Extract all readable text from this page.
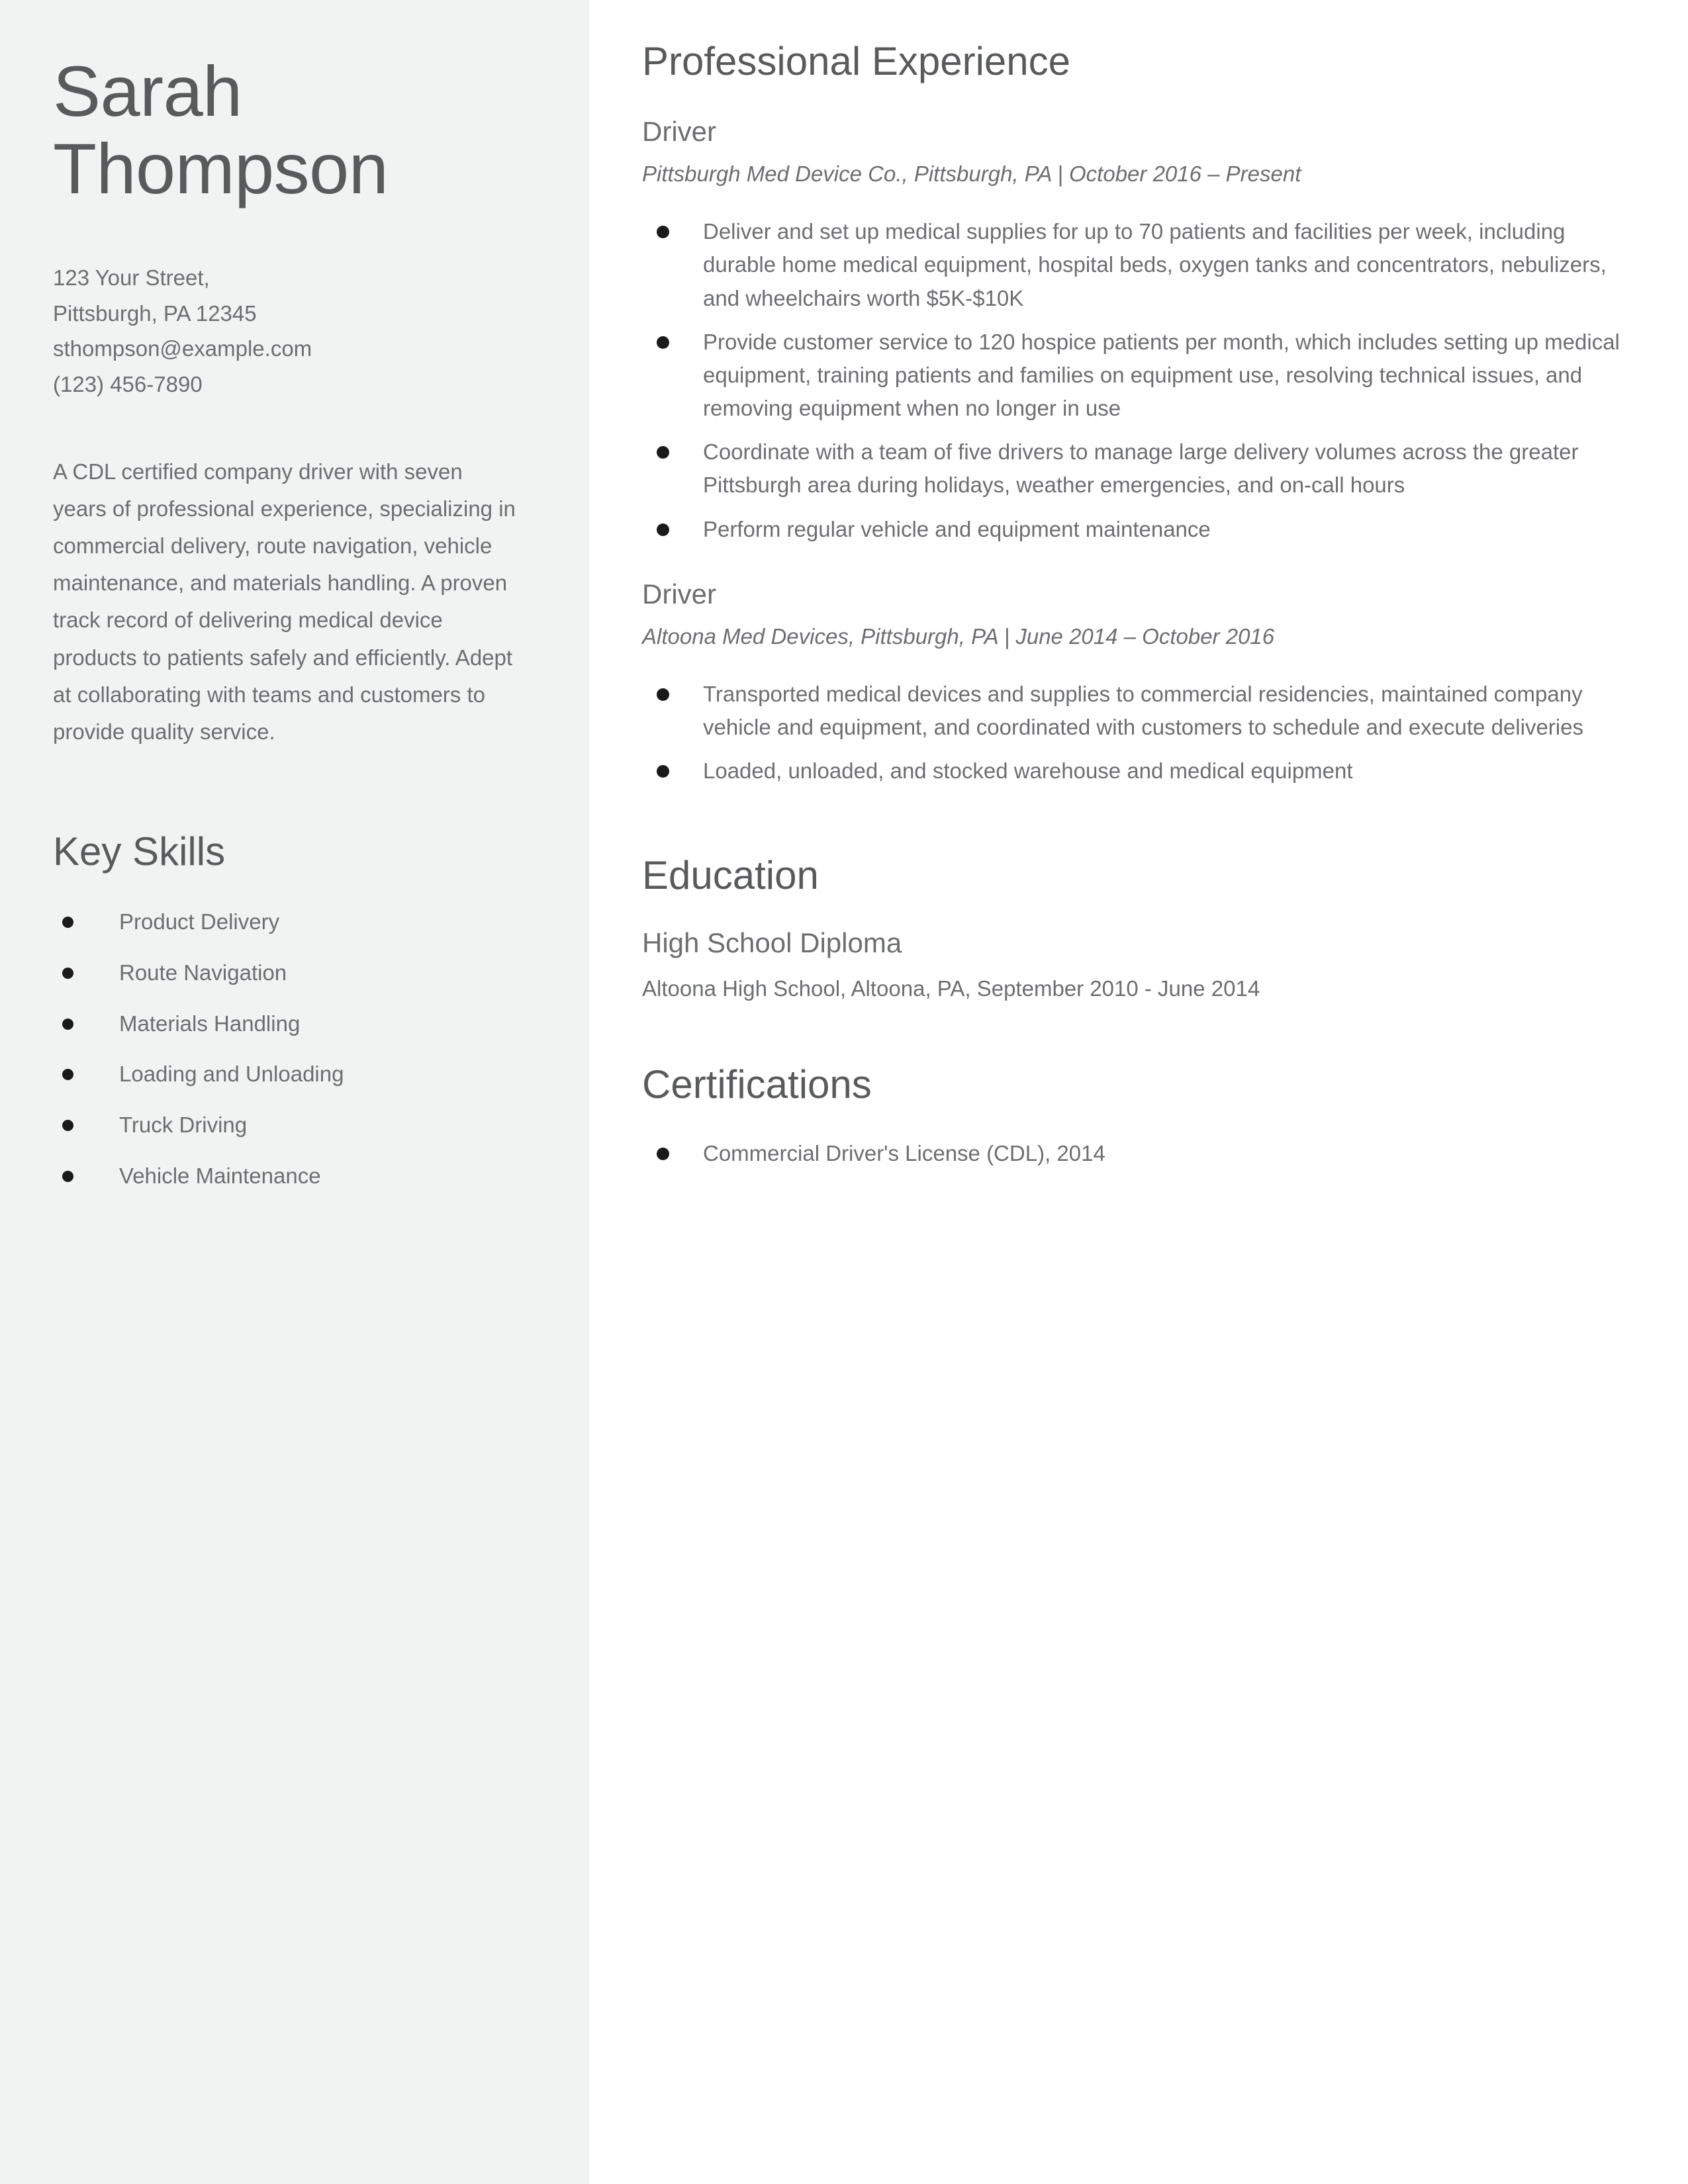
Sarah
Thompson
123 Your Street,
Pittsburgh, PA 12345
sthompson@example.com
(123) 456-7890

A CDL certified company driver with seven years of professional experience, specializing in commercial delivery, route navigation, vehicle maintenance, and materials handling. A proven track record of delivering medical device products to patients safely and efficiently. Adept at collaborating with teams and customers to provide quality service.

Key Skills
Product Delivery
Route Navigation
Materials Handling
Loading and Unloading
Truck Driving
Vehicle Maintenance
Professional Experience
Driver

Pittsburgh Med Device Co., Pittsburgh, PA | October 2016 – Present

Deliver and set up medical supplies for up to 70 patients and facilities per week, including durable home medical equipment, hospital beds, oxygen tanks and concentrators, nebulizers, and wheelchairs worth $5K-$10K
Provide customer service to 120 hospice patients per month, which includes setting up medical equipment, training patients and families on equipment use, resolving technical issues, and removing equipment when no longer in use
Coordinate with a team of five drivers to manage large delivery volumes across the greater Pittsburgh area during holidays, weather emergencies, and on-call hours
Perform regular vehicle and equipment maintenance
Driver

Altoona Med Devices, Pittsburgh, PA | June 2014 – October 2016

Transported medical devices and supplies to commercial residencies, maintained company vehicle and equipment, and coordinated with customers to schedule and execute deliveries
Loaded, unloaded, and stocked warehouse and medical equipment
Education
High School Diploma

Altoona High School, Altoona, PA, September 2010 - June 2014

Certifications
Commercial Driver's License (CDL), 2014
